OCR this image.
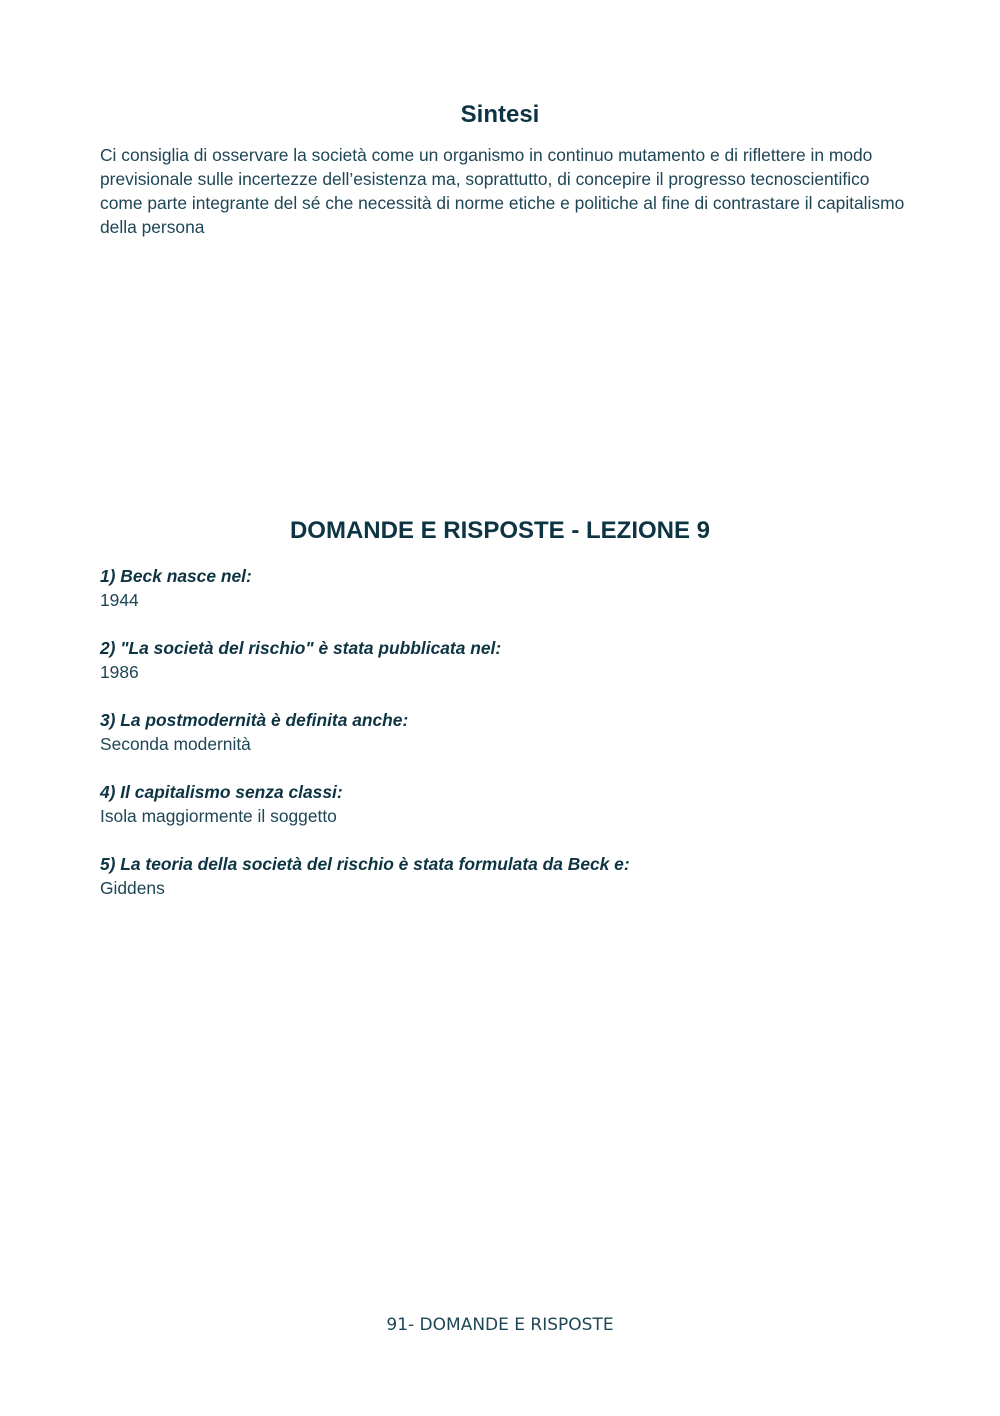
Sintesi

Ci consiglia di osservare la società come un organismo in continuo mutamento e di riflettere in modo previsionale sulle incertezze dell’esistenza ma, soprattutto, di concepire il progresso tecnoscientifico come parte integrante del sé che necessità di norme etiche e politiche al fine di contrastare il capitalismo della persona

DOMANDE E RISPOSTE - LEZIONE 9
1) Beck nasce nel:
1944
2) "La società del rischio" è stata pubblicata nel:
1986
3) La postmodernità è definita anche:
Seconda modernità
4) Il capitalismo senza classi:
Isola maggiormente il soggetto
5) La teoria della società del rischio è stata formulata da Beck e:
Giddens
91- DOMANDE E RISPOSTE
